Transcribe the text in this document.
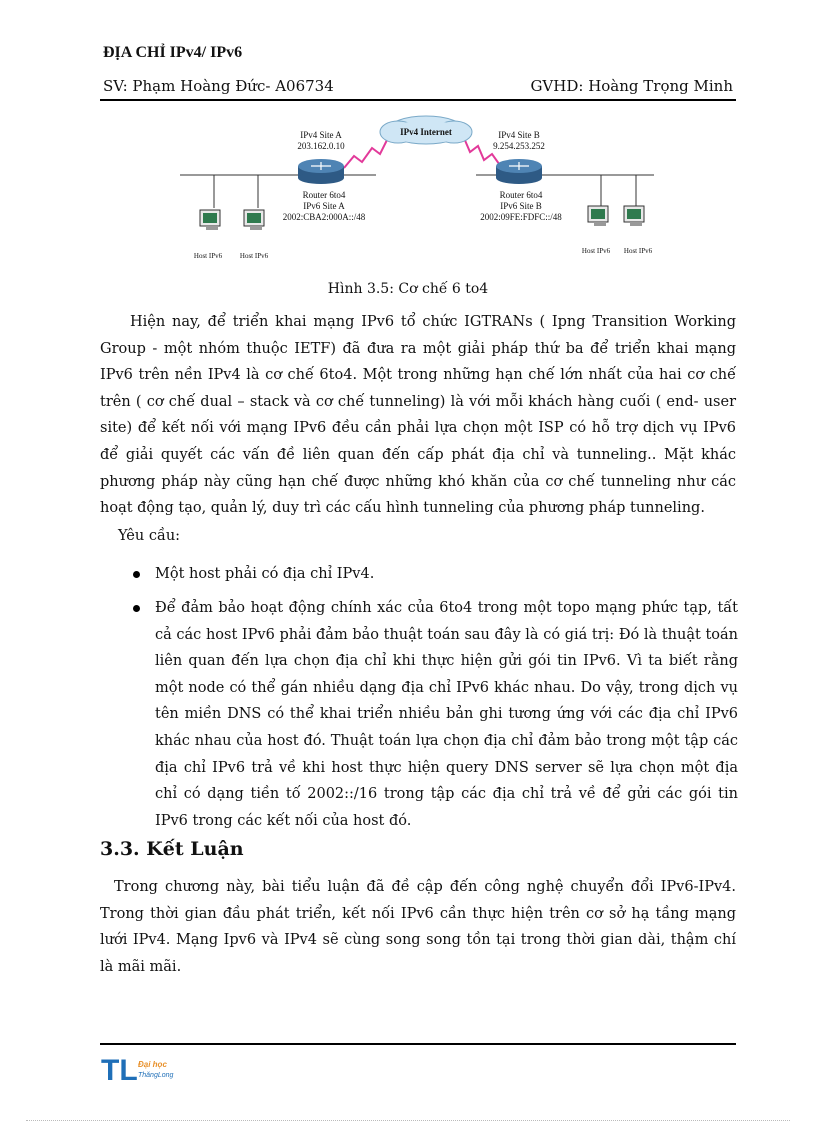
ĐỊA CHỈ IPv4/ IPv6
SV: Phạm Hoàng Đức- A06734	GVHD: Hoàng Trọng Minh
IPv4 Internet
IPv4 Site A
203.162.0.10
IPv4 Site B
9.254.253.252
Router 6to4
IPv6 Site A
2002:CBA2:000A::/48
Router 6to4
IPv6 Site B
2002:09FE:FDFC::/48
Host IPv6	Host IPv6
Host IPv6 Host IPv6
Hình 3.5: Cơ chế 6 to4
Hiện nay, để triển khai mạng IPv6 tổ chức IGTRANs ( Ipng Transition Working Group - một nhóm thuộc IETF) đã đưa ra một giải pháp thứ ba để triển khai mạng IPv6 trên nền IPv4 là cơ chế 6to4. Một trong những hạn chế lớn nhất của hai cơ chế trên ( cơ chế dual – stack và cơ chế tunneling) là với mỗi khách hàng cuối ( end- user site) để kết nối với mạng IPv6 đều cần phải lựa chọn một ISP có hỗ trợ dịch vụ IPv6 để giải quyết các vấn đề liên quan đến cấp phát địa chỉ và tunneling.. Mặt khác phương pháp này cũng hạn chế được những khó khăn của cơ chế tunneling như các hoạt động tạo, quản lý, duy trì các cấu hình tunneling của phương pháp tunneling.
Yêu cầu:
Một host phải có địa chỉ IPv4.
Để đảm bảo hoạt động chính xác của 6to4 trong một topo mạng phức tạp, tất cả các host IPv6 phải đảm bảo thuật toán sau đây là có giá trị: Đó là thuật toán liên quan đến lựa chọn địa chỉ khi thực hiện gửi gói tin IPv6. Vì ta biết rằng một node có thể gán nhiều dạng địa chỉ IPv6 khác nhau. Do vậy, trong dịch vụ tên miền DNS có thể khai triển nhiều bản ghi tương ứng với các địa chỉ IPv6 khác nhau của host đó. Thuật toán lựa chọn địa chỉ đảm bảo trong một tập các địa chỉ IPv6 trả về khi host thực hiện query DNS server sẽ lựa chọn một địa chỉ có dạng tiền tố 2002::/16 trong tập các địa chỉ trả về để gửi các gói tin IPv6 trong các kết nối của host đó.
3.3. Kết Luận
Trong chương này, bài tiểu luận đã đề cập đến công nghệ chuyển đổi IPv6-IPv4. Trong thời gian đầu phát triển, kết nối IPv6 cần thực hiện trên cơ sở hạ tầng mạng lưới IPv4. Mạng Ipv6 và IPv4 sẽ cùng song song tồn tại trong thời gian dài, thậm chí là mãi mãi.
TL Đại học
ThăngLong
